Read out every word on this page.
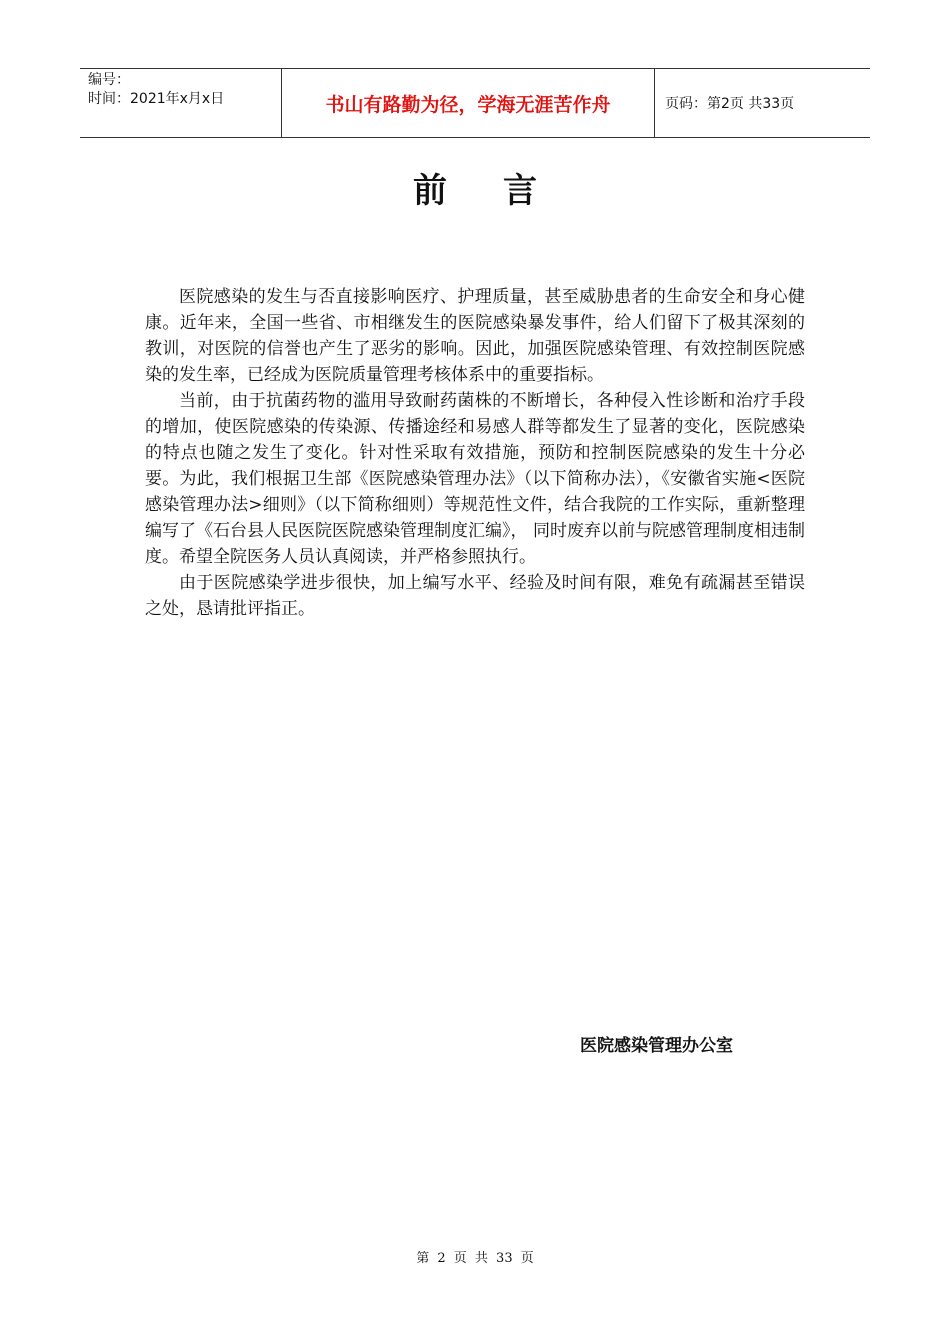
编号：
时间：2021年x月x日	书山有路勤为径，学海无涯苦作舟	页码：第2页 共33页
前言

医院感染的发生与否直接影响医疗、护理质量，甚至威胁患者的生命安全和身心健康。近年来，全国一些省、市相继发生的医院感染暴发事件，给人们留下了极其深刻的教训，对医院的信誉也产生了恶劣的影响。因此，加强医院感染管理、有效控制医院感染的发生率，已经成为医院质量管理考核体系中的重要指标。

当前，由于抗菌药物的滥用导致耐药菌株的不断增长，各种侵入性诊断和治疗手段的增加，使医院感染的传染源、传播途经和易感人群等都发生了显著的变化，医院感染的特点也随之发生了变化。针对性采取有效措施，预防和控制医院感染的发生十分必要。为此，我们根据卫生部《医院感染管理办法》（以下简称办法），《安徽省实施<医院感染管理办法>细则》（以下简称细则）等规范性文件，结合我院的工作实际，重新整理编写了《石台县人民医院医院感染管理制度汇编》， 同时废弃以前与院感管理制度相违制度。希望全院医务人员认真阅读，并严格参照执行。

由于医院感染学进步很快，加上编写水平、经验及时间有限，难免有疏漏甚至错误之处，恳请批评指正。

医院感染管理办公室
第 2 页 共 33 页
